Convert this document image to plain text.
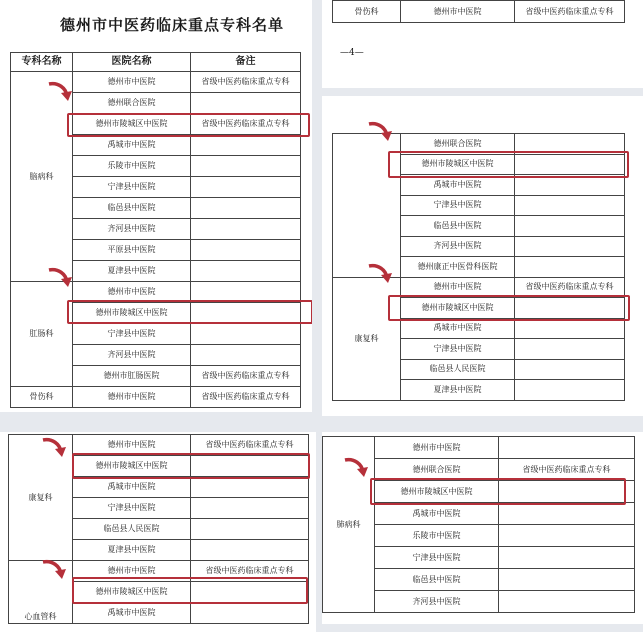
德州市中医药临床重点专科名单
专科名称	医院名称	备注
脑病科	德州市中医院	省级中医药临床重点专科
	德州联合医院	
	德州市陵城区中医院	省级中医药临床重点专科
	禹城市中医院	
	乐陵市中医院	
	宁津县中医院	
	临邑县中医院	
	齐河县中医院	
	平原县中医院	
	夏津县中医院	
肛肠科	德州市中医院	
	德州市陵城区中医院	
	宁津县中医院	
	齐河县中医院	
	德州市肛肠医院	省级中医药临床重点专科
骨伤科	德州市中医院	省级中医药临床重点专科
骨伤科	德州市中医院	省级中医药临床重点专科
—4—
	德州联合医院	
	德州市陵城区中医院	
	禹城市中医院	
	宁津县中医院	
	临邑县中医院	
	齐河县中医院	
	德州康正中医骨科医院	
康复科	德州市中医院	省级中医药临床重点专科
	德州市陵城区中医院	
	禹城市中医院	
	宁津县中医院	
	临邑县人民医院	
	夏津县中医院	
康复科	德州市中医院	省级中医药临床重点专科
	德州市陵城区中医院	
	禹城市中医院	
	宁津县中医院	
	临邑县人民医院	
	夏津县中医院	
心血管科	德州市中医院	省级中医药临床重点专科
	德州市陵城区中医院	
	禹城市中医院	
肺病科	德州市中医院	
	德州联合医院	省级中医药临床重点专科
	德州市陵城区中医院	
	禹城市中医院	
	乐陵市中医院	
	宁津县中医院	
	临邑县中医院	
	齐河县中医院	
